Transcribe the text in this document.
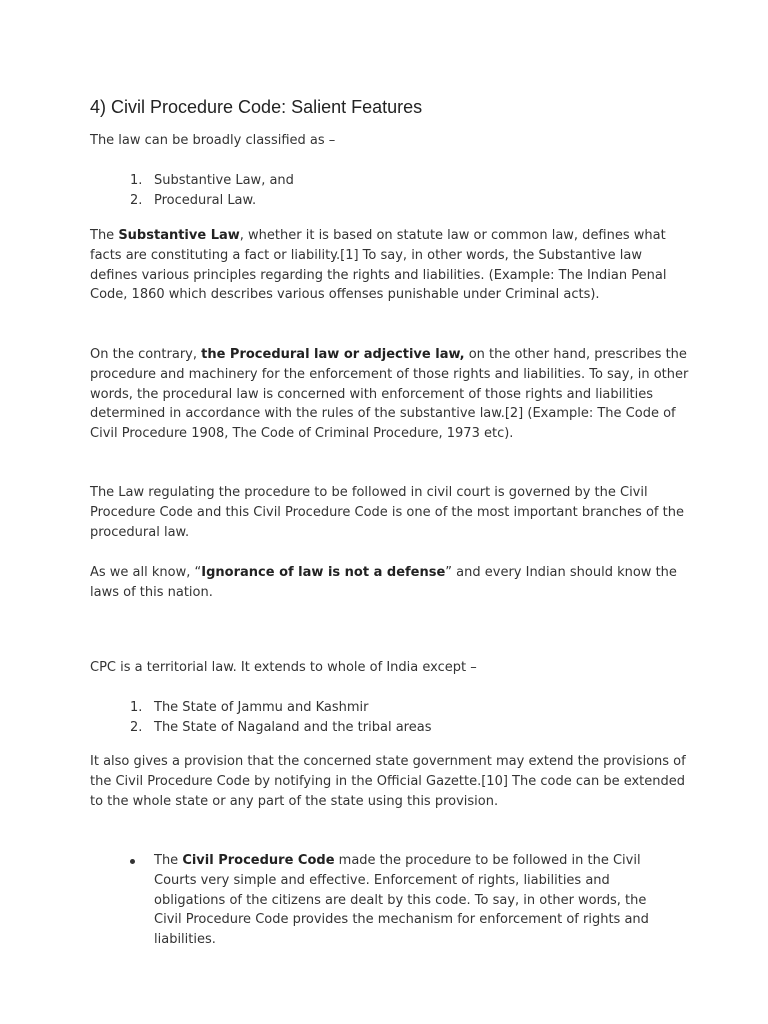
4) Civil Procedure Code: Salient Features

The law can be broadly classified as –

1. Substantive Law, and
2. Procedural Law.

The Substantive Law, whether it is based on statute law or common law, defines what facts are constituting a fact or liability.[1] To say, in other words, the Substantive law defines various principles regarding the rights and liabilities. (Example: The Indian Penal Code, 1860 which describes various offenses punishable under Criminal acts).

On the contrary, the Procedural law or adjective law, on the other hand, prescribes the procedure and machinery for the enforcement of those rights and liabilities. To say, in other words, the procedural law is concerned with enforcement of those rights and liabilities determined in accordance with the rules of the substantive law.[2] (Example: The Code of Civil Procedure 1908, The Code of Criminal Procedure, 1973 etc).

The Law regulating the procedure to be followed in civil court is governed by the Civil Procedure Code and this Civil Procedure Code is one of the most important branches of the procedural law.

As we all know, “Ignorance of law is not a defense” and every Indian should know the laws of this nation.

CPC is a territorial law. It extends to whole of India except –

1. The State of Jammu and Kashmir
2. The State of Nagaland and the tribal areas

It also gives a provision that the concerned state government may extend the provisions of the Civil Procedure Code by notifying in the Official Gazette.[10] The code can be extended to the whole state or any part of the state using this provision.

The Civil Procedure Code made the procedure to be followed in the Civil Courts very simple and effective. Enforcement of rights, liabilities and obligations of the citizens are dealt by this code. To say, in other words, the Civil Procedure Code provides the mechanism for enforcement of rights and liabilities.
